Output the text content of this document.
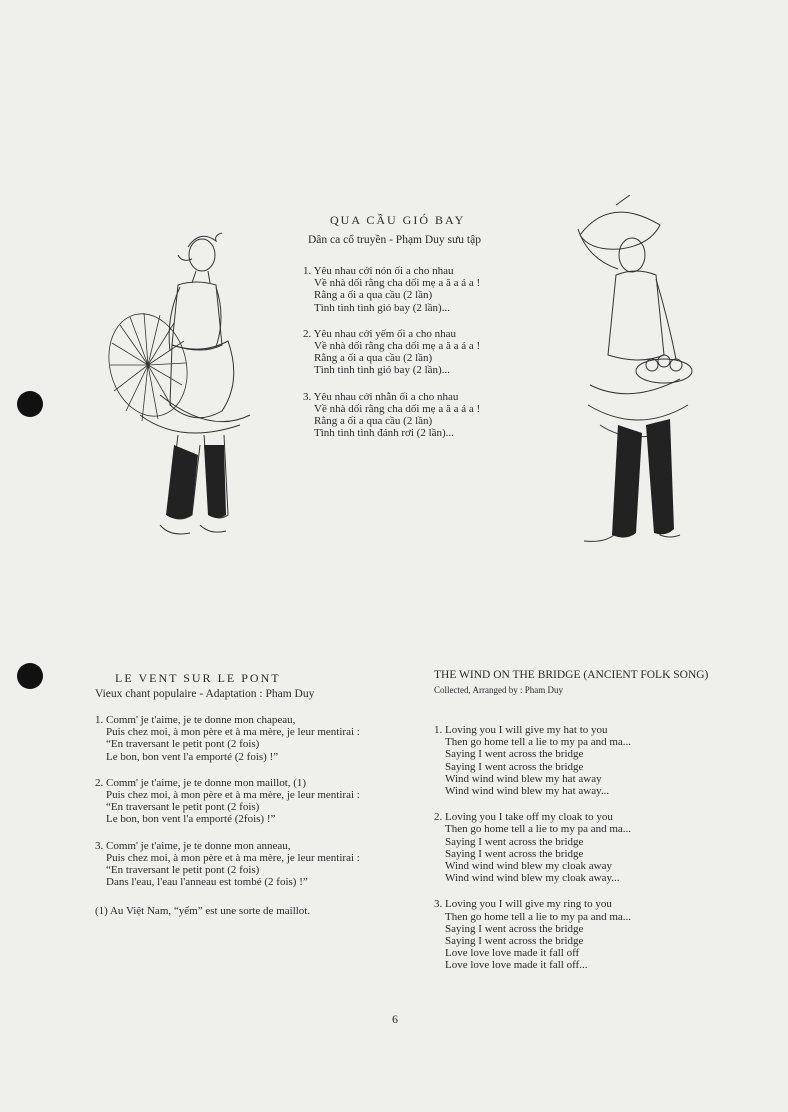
QUA CẦU GIÓ BAY
Dân ca cổ truyền - Phạm Duy sưu tập
1. Yêu nhau cởi nón ối a cho nhau
Về nhà dối rằng cha dối mẹ a ă a á a !
Rằng a ối a qua cầu (2 lần)
Tình tình tình gió bay (2 lần)...
2. Yêu nhau cởi yếm ối a cho nhau
Về nhà dối rằng cha dối mẹ a ă a á a !
Rằng a ối a qua cầu (2 lần)
Tình tình tình gió bay (2 lần)...
3. Yêu nhau cởi nhẫn ối a cho nhau
Về nhà dối rằng cha dối mẹ a ă a á a !
Rằng a ối a qua cầu (2 lần)
Tình tình tình đánh rơi (2 lần)...
LE VENT SUR LE PONT
Vieux chant populaire - Adaptation : Pham Duy
1. Comm' je t'aime, je te donne mon chapeau,
Puis chez moi, à mon père et à ma mère, je leur mentirai :
“En traversant le petit pont (2 fois)
Le bon, bon vent l'a emporté (2 fois) !”
2. Comm' je t'aime, je te donne mon maillot, (1)
Puis chez moi, à mon père et à ma mère, je leur mentirai :
“En traversant le petit pont (2 fois)
Le bon, bon vent l'a emporté (2fois) !”
3. Comm' je t'aime, je te donne mon anneau,
Puis chez moi, à mon père et à ma mère, je leur mentirai :
“En traversant le petit pont (2 fois)
Dans l'eau, l'eau l'anneau est tombé (2 fois) !”
(1) Au Việt Nam, “yếm” est une sorte de maillot.
THE WIND ON THE BRIDGE (ANCIENT FOLK SONG)
Collected, Arranged by : Pham Duy
1. Loving you I will give my hat to you
Then go home tell a lie to my pa and ma...
Saying I went across the bridge
Saying I went across the bridge
Wind wind wind blew my hat away
Wind wind wind blew my hat away...
2. Loving you I take off my cloak to you
Then go home tell a lie to my pa and ma...
Saying I went across the bridge
Saying I went across the bridge
Wind wind wind blew my cloak away
Wind wind wind blew my cloak away...
3. Loving you I will give my ring to you
Then go home tell a lie to my pa and ma...
Saying I went across the bridge
Saying I went across the bridge
Love love love made it fall off
Love love love made it fall off...
6
